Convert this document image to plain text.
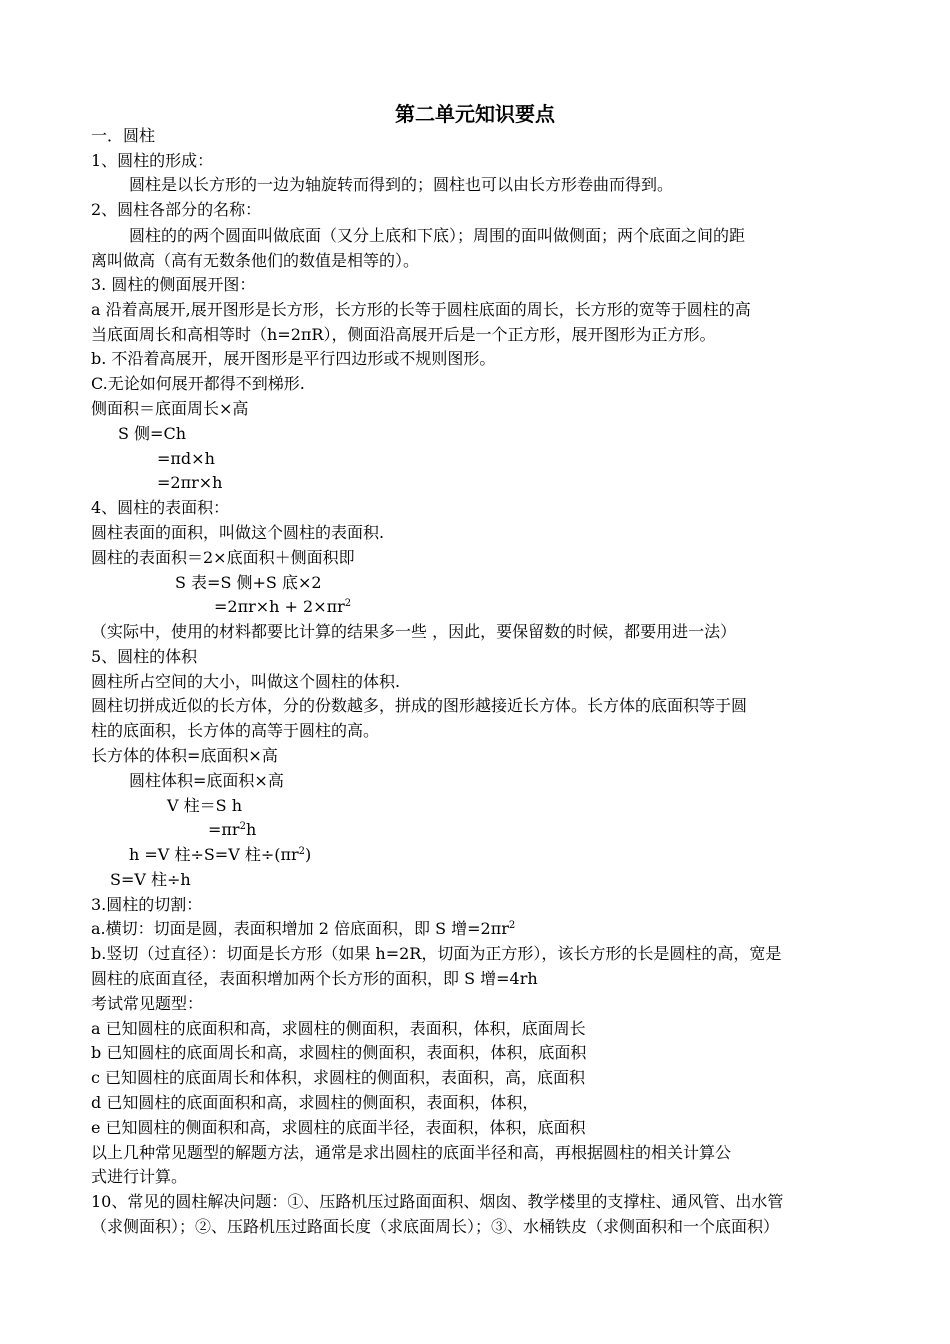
第二单元知识要点
一．圆柱
1、圆柱的形成：
圆柱是以长方形的一边为轴旋转而得到的；圆柱也可以由长方形卷曲而得到。
2、圆柱各部分的名称：
圆柱的的两个圆面叫做底面（又分上底和下底）；周围的面叫做侧面；两个底面之间的距
离叫做高（高有无数条他们的数值是相等的）。
3. 圆柱的侧面展开图：
a 沿着高展开,展开图形是长方形，长方形的长等于圆柱底面的周长，长方形的宽等于圆柱的高
当底面周长和高相等时（h=2πR），侧面沿高展开后是一个正方形，展开图形为正方形。
b. 不沿着高展开，展开图形是平行四边形或不规则图形。
C.无论如何展开都得不到梯形.
侧面积＝底面周长×高
S 侧=Ch
=πd×h
=2πr×h
4、圆柱的表面积：
圆柱表面的面积，叫做这个圆柱的表面积.
圆柱的表面积＝2×底面积＋侧面积即
S 表=S 侧+S 底×2
$=2\pi r\times h + 2\times\pi r^2$
（实际中，使用的材料都要比计算的结果多一些 ，因此，要保留数的时候，都要用进一法）
5、圆柱的体积
圆柱所占空间的大小，叫做这个圆柱的体积.
圆柱切拼成近似的长方体，分的份数越多，拼成的图形越接近长方体。长方体的底面积等于圆
柱的底面积，长方体的高等于圆柱的高。
长方体的体积=底面积×高
圆柱体积=底面积×高
V 柱＝S h
$=\pi r^2h$
h =V 柱÷S=V 柱$\div(\pi r^2)$
S=V 柱÷h
3.圆柱的切割：
a.横切：切面是圆，表面积增加 2 倍底面积，即 S 增$=2\pi r^2$
b.竖切（过直径）：切面是长方形（如果 h=2R，切面为正方形），该长方形的长是圆柱的高，宽是
圆柱的底面直径，表面积增加两个长方形的面积，即 S 增=4rh
考试常见题型：
a 已知圆柱的底面积和高，求圆柱的侧面积，表面积，体积，底面周长
b 已知圆柱的底面周长和高，求圆柱的侧面积，表面积，体积，底面积
c 已知圆柱的底面周长和体积，求圆柱的侧面积，表面积，高，底面积
d 已知圆柱的底面面积和高，求圆柱的侧面积，表面积，体积，
e 已知圆柱的侧面积和高，求圆柱的底面半径，表面积，体积，底面积
以上几种常见题型的解题方法，通常是求出圆柱的底面半径和高，再根据圆柱的相关计算公
式进行计算。
10、常见的圆柱解决问题：①、压路机压过路面面积、烟囱、教学楼里的支撑柱、通风管、出水管
（求侧面积）；②、压路机压过路面长度（求底面周长）；③、水桶铁皮（求侧面积和一个底面积）
